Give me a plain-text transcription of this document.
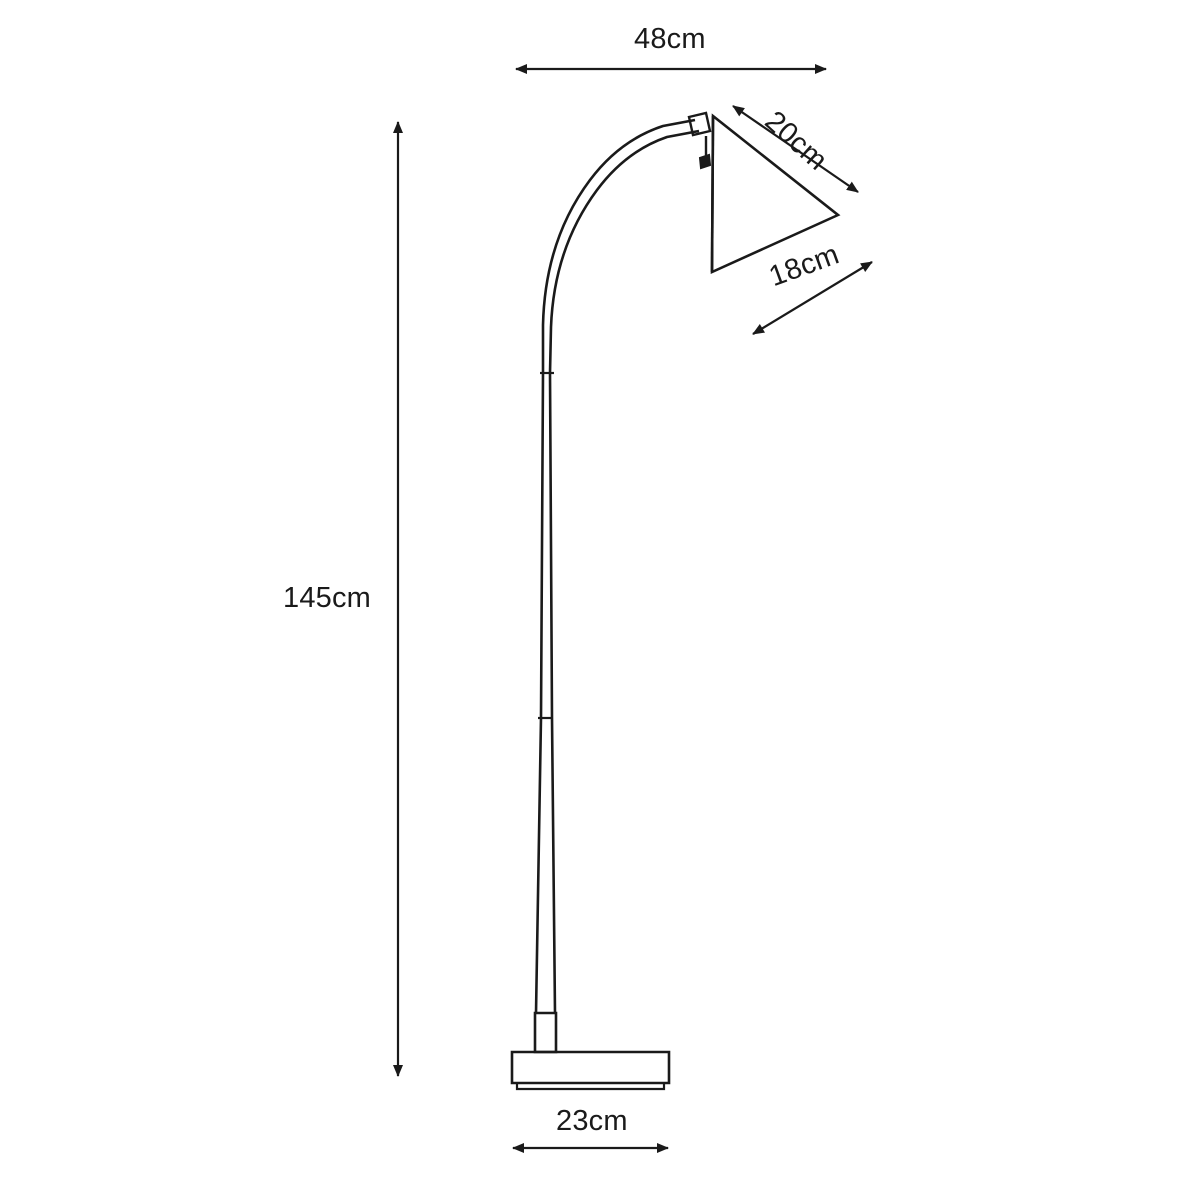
145cm
48cm
23cm
20cm
18cm
